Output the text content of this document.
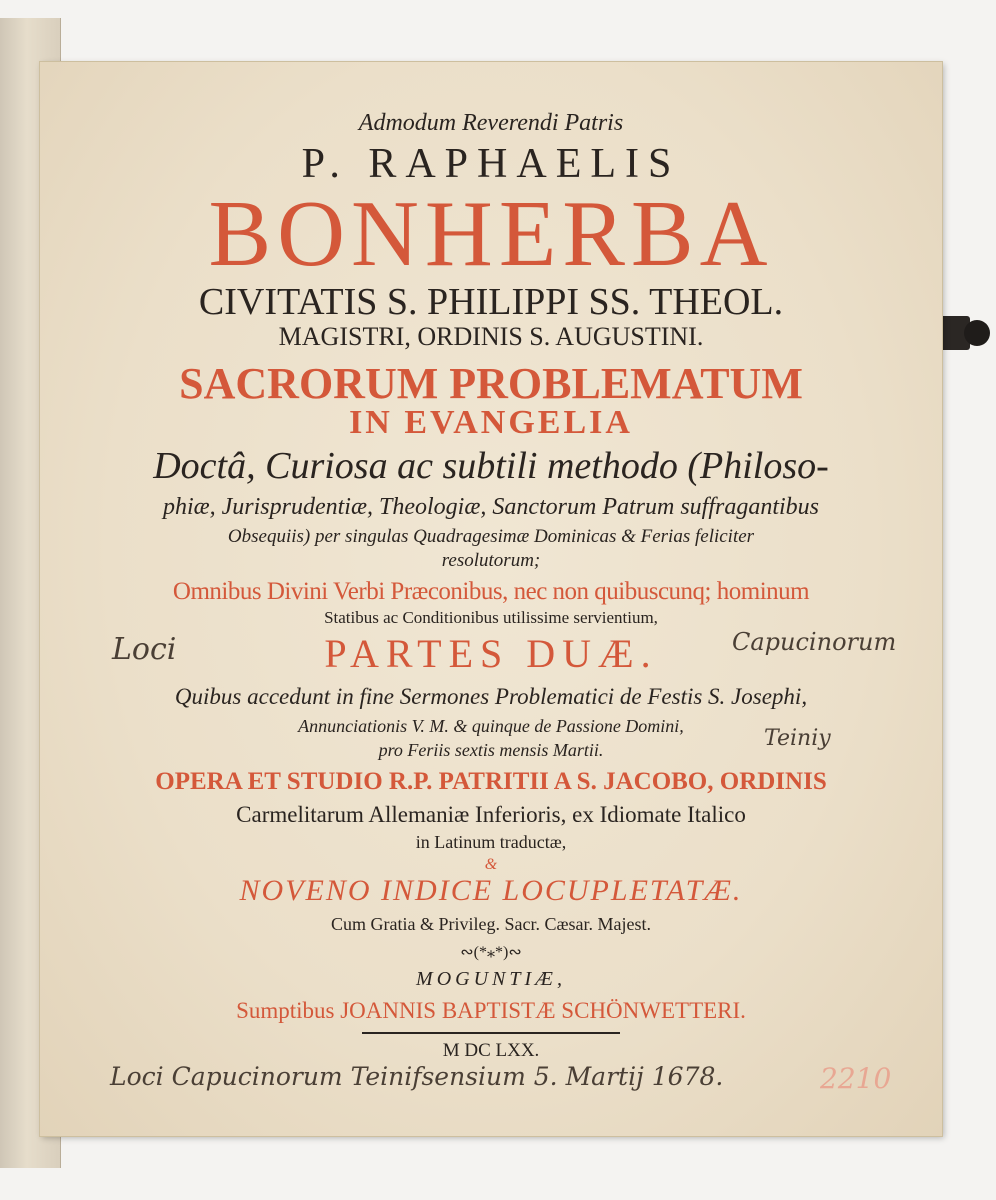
Admodum Reverendi Patris
P. RAPHAELIS
BONHERBA
CIVITATIS S. PHILIPPI SS. THEOL.
MAGISTRI, ORDINIS S. AUGUSTINI.
SACRORUM PROBLEMATUM
IN EVANGELIA
Doctâ, Curiosa ac subtili methodo (Philoso-
phiæ, Jurisprudentiæ, Theologiæ, Sanctorum Patrum suffragantibus
Obsequiis) per singulas Quadragesimæ Dominicas & Ferias feliciter
resolutorum;
Omnibus Divini Verbi Præconibus, nec non quibuscunq; hominum
Statibus ac Conditionibus utilissime servientium,
PARTES DUÆ.
Quibus accedunt in fine Sermones Problematici de Festis S. Josephi,
Annunciationis V. M. & quinque de Passione Domini,
pro Feriis sextis mensis Martii.
OPERA ET STUDIO R.P. PATRITII A S. JACOBO, ORDINIS
Carmelitarum Allemaniæ Inferioris, ex Idiomate Italico
in Latinum traductæ,
&
NOVENO INDICE LOCUPLETATÆ.
Cum Gratia & Privileg. Sacr. Cæsar. Majest.
∾(*⁎*)∾
MOGUNTIÆ,
Sumptibus JOANNIS BAPTISTÆ SCHÖNWETTERI.
M DC LXX.
Loci	Capucinorum
Teiniy
Loci Capucinorum Teinifsensium 5. Martij 1678.	2210
